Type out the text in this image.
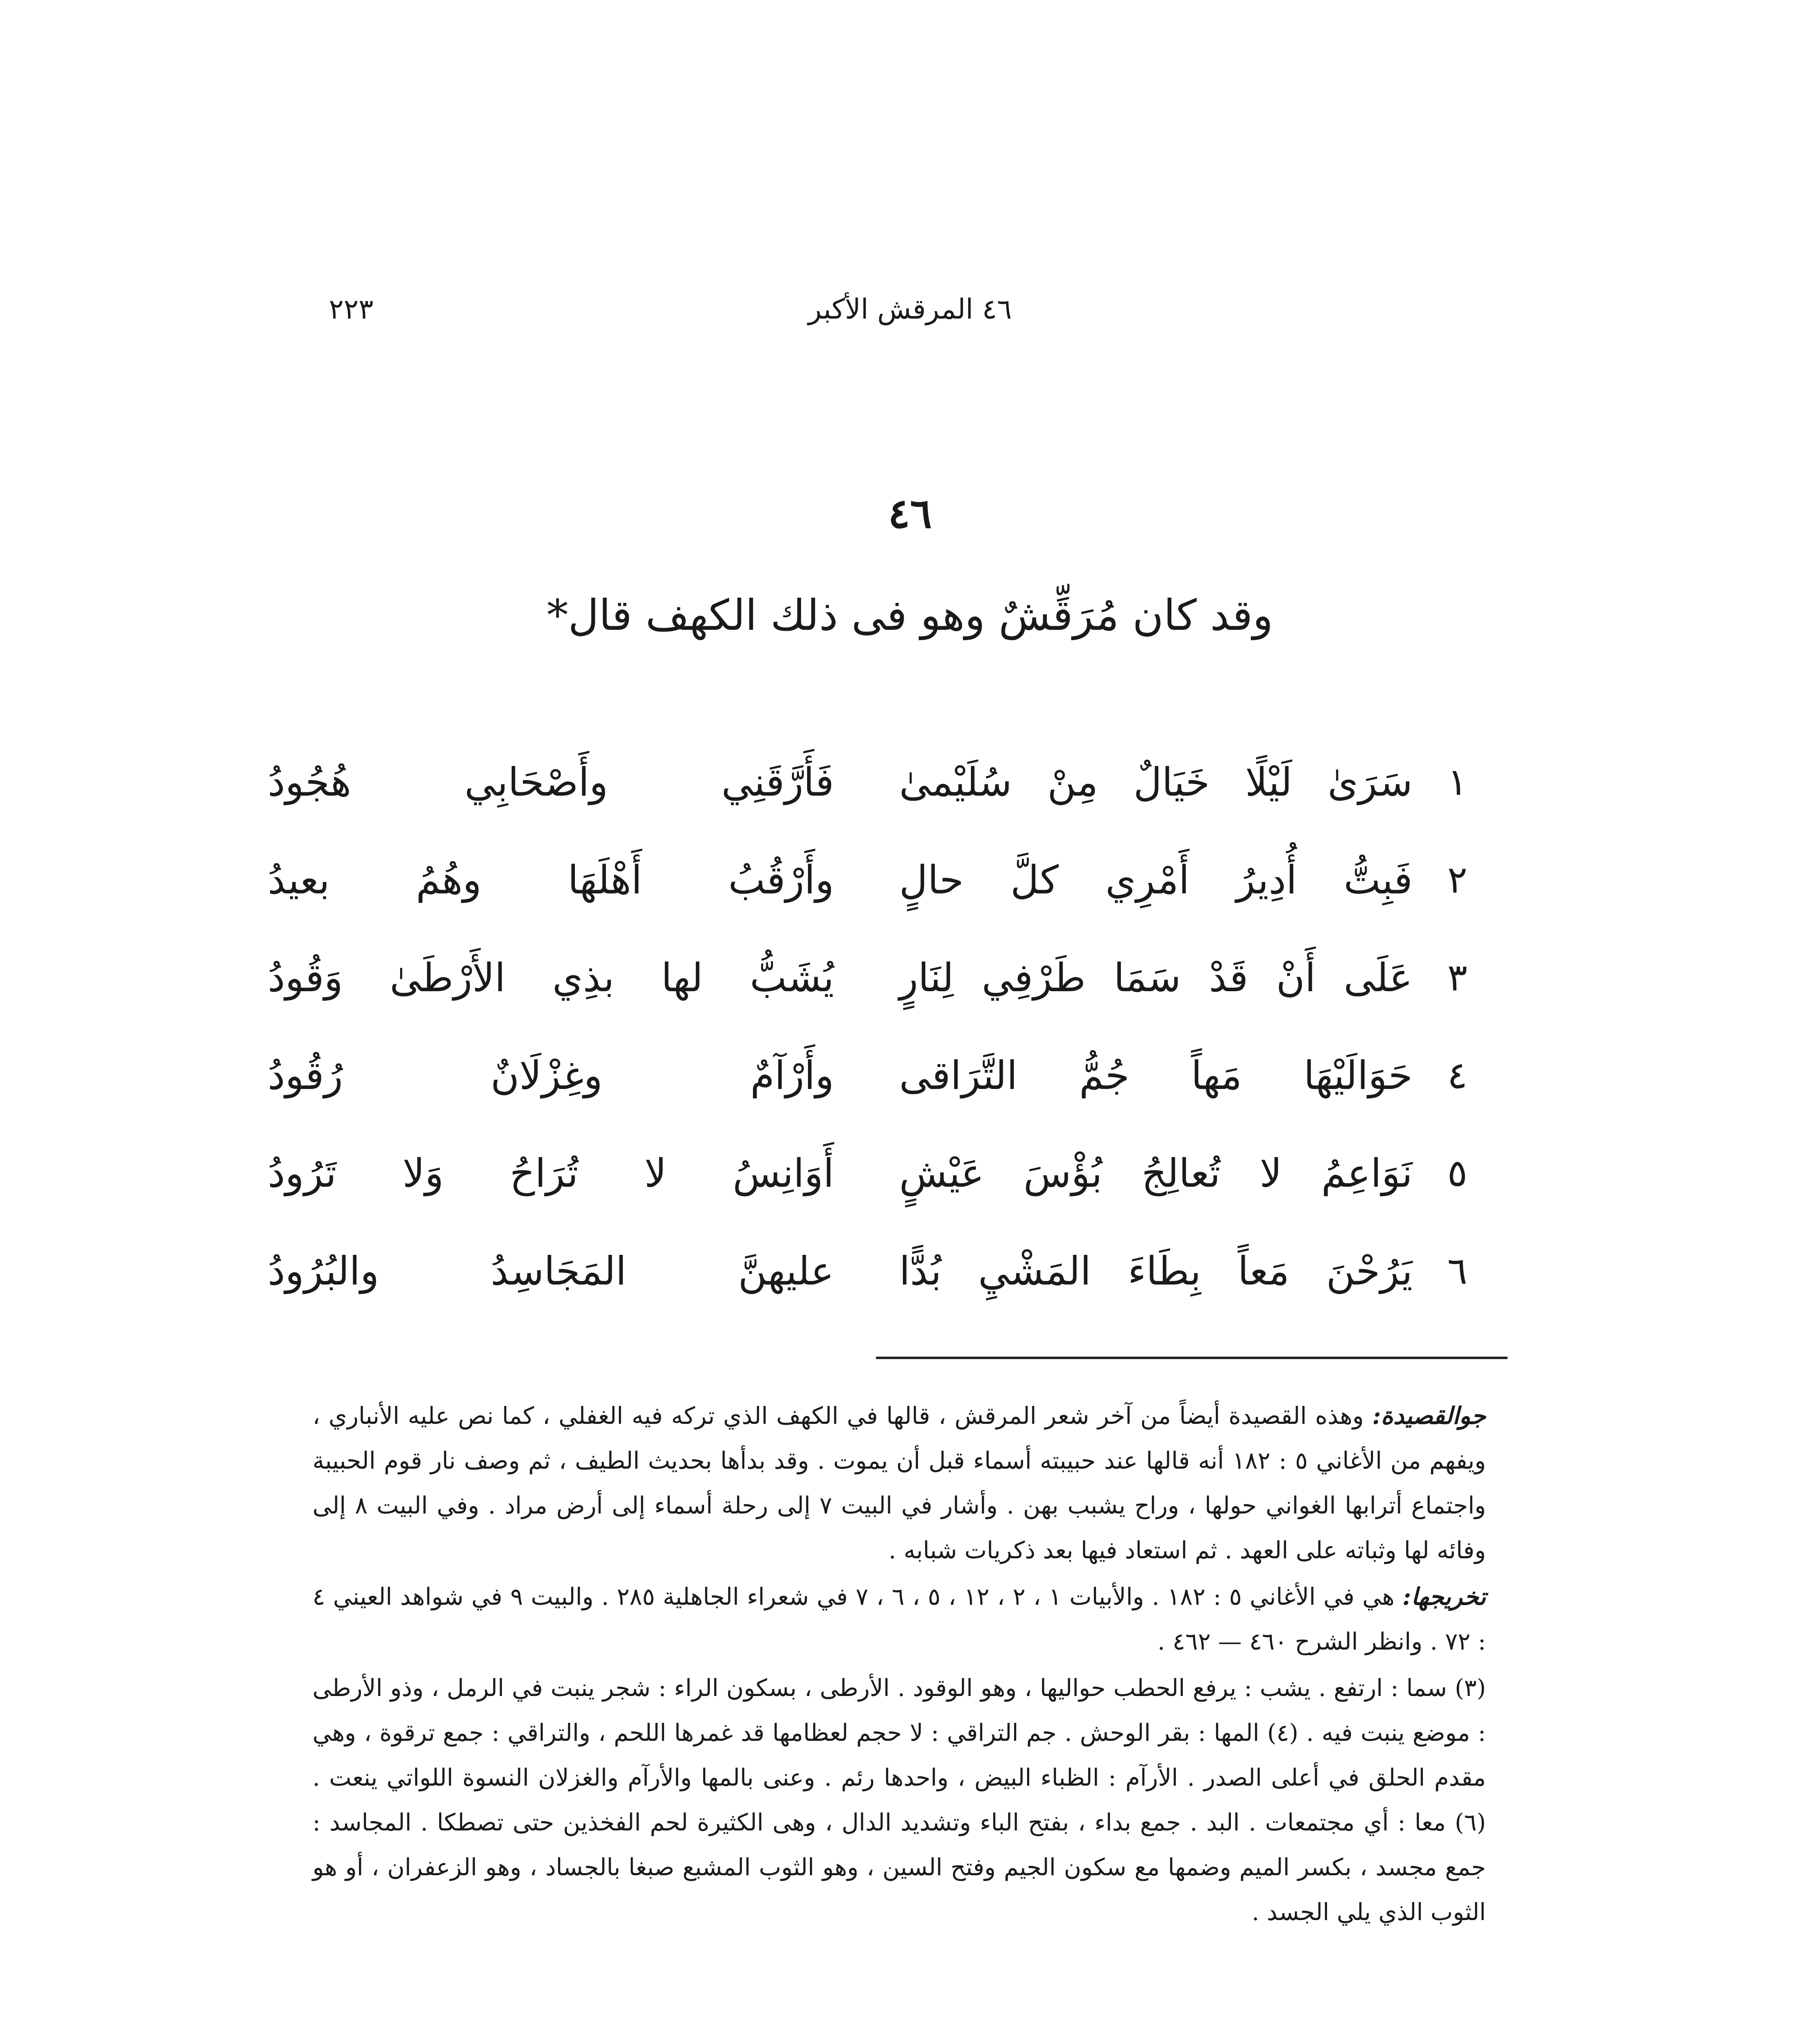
٤٦ المرقش الأكبر
٢٢٣
٤٦
وقد كان مُرَقِّشٌ وهو فى ذلك الكهف قال*
١
سَرَىٰ لَيْلًا خَيَالٌ مِنْ سُلَيْمىٰ
فَأَرَّقَنِي وأَصْحَابِي هُجُودُ
٢
فَبِتُّ أُدِيرُ أَمْرِي كلَّ حالٍ
وأَرْقُبُ أَهْلَهَا وهُمُ بعيدُ
٣
عَلَى أَنْ قَدْ سَمَا طَرْفِي لِنَارٍ
يُشَبُّ لها بذِي الأَرْطَىٰ وَقُودُ
٤
حَوَالَيْهَا مَهاً جُمُّ التَّرَاقى
وأَرْآمٌ وغِزْلَانٌ رُقُودُ
٥
نَوَاعِمُ لا تُعالِجُ بُؤْسَ عَيْشٍ
أَوَانِسُ لا تُرَاحُ وَلا تَرُودُ
٦
يَرُحْنَ مَعاً بِطَاءَ المَشْيِ بُدًّا
عليهنَّ المَجَاسِدُ والبُرُودُ

جوالقصيدة: وهذه القصيدة أيضاً من آخر شعر المرقش ، قالها في الكهف الذي تركه فيه الغفلي ، كما نص عليه الأنباري ، ويفهم من الأغاني ٥ : ١٨٢ أنه قالها عند حبيبته أسماء قبل أن يموت . وقد بدأها بحديث الطيف ، ثم وصف نار قوم الحبيبة واجتماع أترابها الغواني حولها ، وراح يشبب بهن . وأشار في البيت ٧ إلى رحلة أسماء إلى أرض مراد . وفي البيت ٨ إلى وفائه لها وثباته على العهد . ثم استعاد فيها بعد ذكريات شبابه .

تخريجها: هي في الأغاني ٥ : ١٨٢ . والأبيات ١ ، ٢ ، ١٢ ، ٥ ، ٦ ، ٧ في شعراء الجاهلية ٢٨٥ . والبيت ٩ في شواهد العيني ٤ : ٧٢ . وانظر الشرح ٤٦٠ — ٤٦٢ .

(٣) سما : ارتفع . يشب : يرفع الحطب حواليها ، وهو الوقود . الأرطى ، بسكون الراء : شجر ينبت في الرمل ، وذو الأرطى : موضع ينبت فيه . (٤) المها : بقر الوحش . جم التراقي : لا حجم لعظامها قد غمرها اللحم ، والتراقي : جمع ترقوة ، وهي مقدم الحلق في أعلى الصدر . الأرآم : الظباء البيض ، واحدها رئم . وعنى بالمها والأرآم والغزلان النسوة اللواتي ينعت . (٦) معا : أي مجتمعات . البد . جمع بداء ، بفتح الباء وتشديد الدال ، وهى الكثيرة لحم الفخذين حتى تصطكا . المجاسد : جمع مجسد ، بكسر الميم وضمها مع سكون الجيم وفتح السين ، وهو الثوب المشبع صبغا بالجساد ، وهو الزعفران ، أو هو الثوب الذي يلي الجسد .
